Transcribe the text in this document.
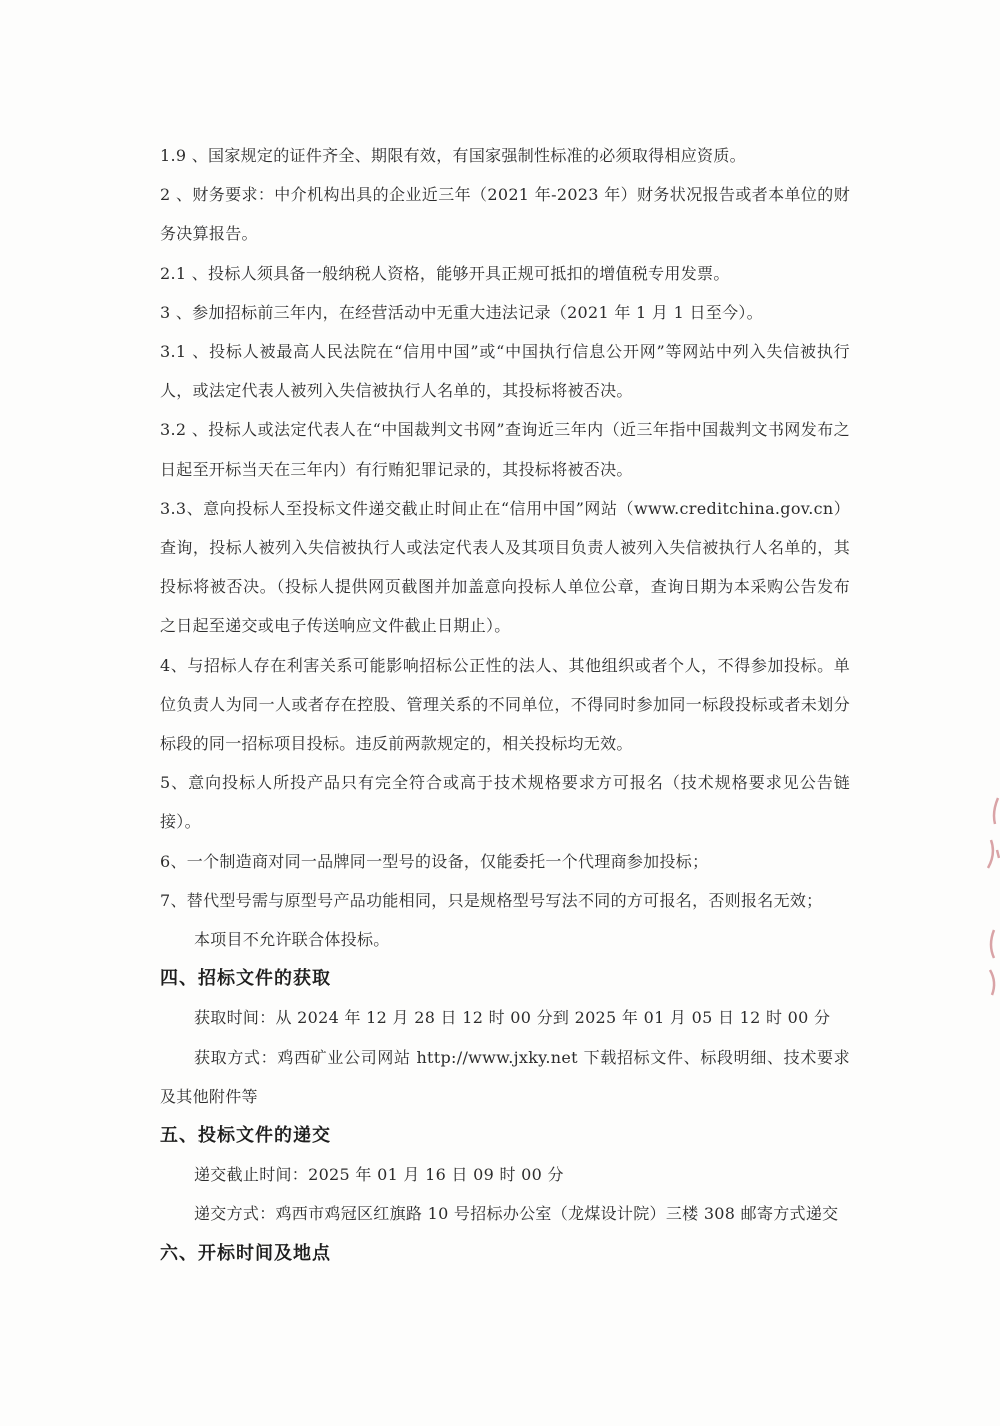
1.9 、国家规定的证件齐全、期限有效，有国家强制性标准的必须取得相应资质。

2 、财务要求：中介机构出具的企业近三年（2021 年-2023 年）财务状况报告或者本单位的财务决算报告。

2.1 、投标人须具备一般纳税人资格，能够开具正规可抵扣的增值税专用发票。

3 、参加招标前三年内，在经营活动中无重大违法记录（2021 年 1 月 1 日至今）。

3.1 、投标人被最高人民法院在“信用中国”或“中国执行信息公开网”等网站中列入失信被执行人，或法定代表人被列入失信被执行人名单的，其投标将被否决。

3.2 、投标人或法定代表人在“中国裁判文书网”查询近三年内（近三年指中国裁判文书网发布之日起至开标当天在三年内）有行贿犯罪记录的，其投标将被否决。

3.3、意向投标人至投标文件递交截止时间止在“信用中国”网站（www.creditchina.gov.cn）查询，投标人被列入失信被执行人或法定代表人及其项目负责人被列入失信被执行人名单的，其投标将被否决。（投标人提供网页截图并加盖意向投标人单位公章，查询日期为本采购公告发布之日起至递交或电子传送响应文件截止日期止）。

4、与招标人存在利害关系可能影响招标公正性的法人、其他组织或者个人，不得参加投标。单位负责人为同一人或者存在控股、管理关系的不同单位，不得同时参加同一标段投标或者未划分标段的同一招标项目投标。违反前两款规定的，相关投标均无效。

5、意向投标人所投产品只有完全符合或高于技术规格要求方可报名（技术规格要求见公告链接）。

6、一个制造商对同一品牌同一型号的设备，仅能委托一个代理商参加投标；

7、替代型号需与原型号产品功能相同，只是规格型号写法不同的方可报名，否则报名无效；

本项目不允许联合体投标。

四、招标文件的获取

获取时间：从 2024 年 12 月 28 日 12 时 00 分到 2025 年 01 月 05 日 12 时 00 分

获取方式：鸡西矿业公司网站 http://www.jxky.net 下载招标文件、标段明细、技术要求及其他附件等

五、投标文件的递交

递交截止时间：2025 年 01 月 16 日 09 时 00 分

递交方式：鸡西市鸡冠区红旗路 10 号招标办公室（龙煤设计院）三楼 308 邮寄方式递交

六、开标时间及地点
